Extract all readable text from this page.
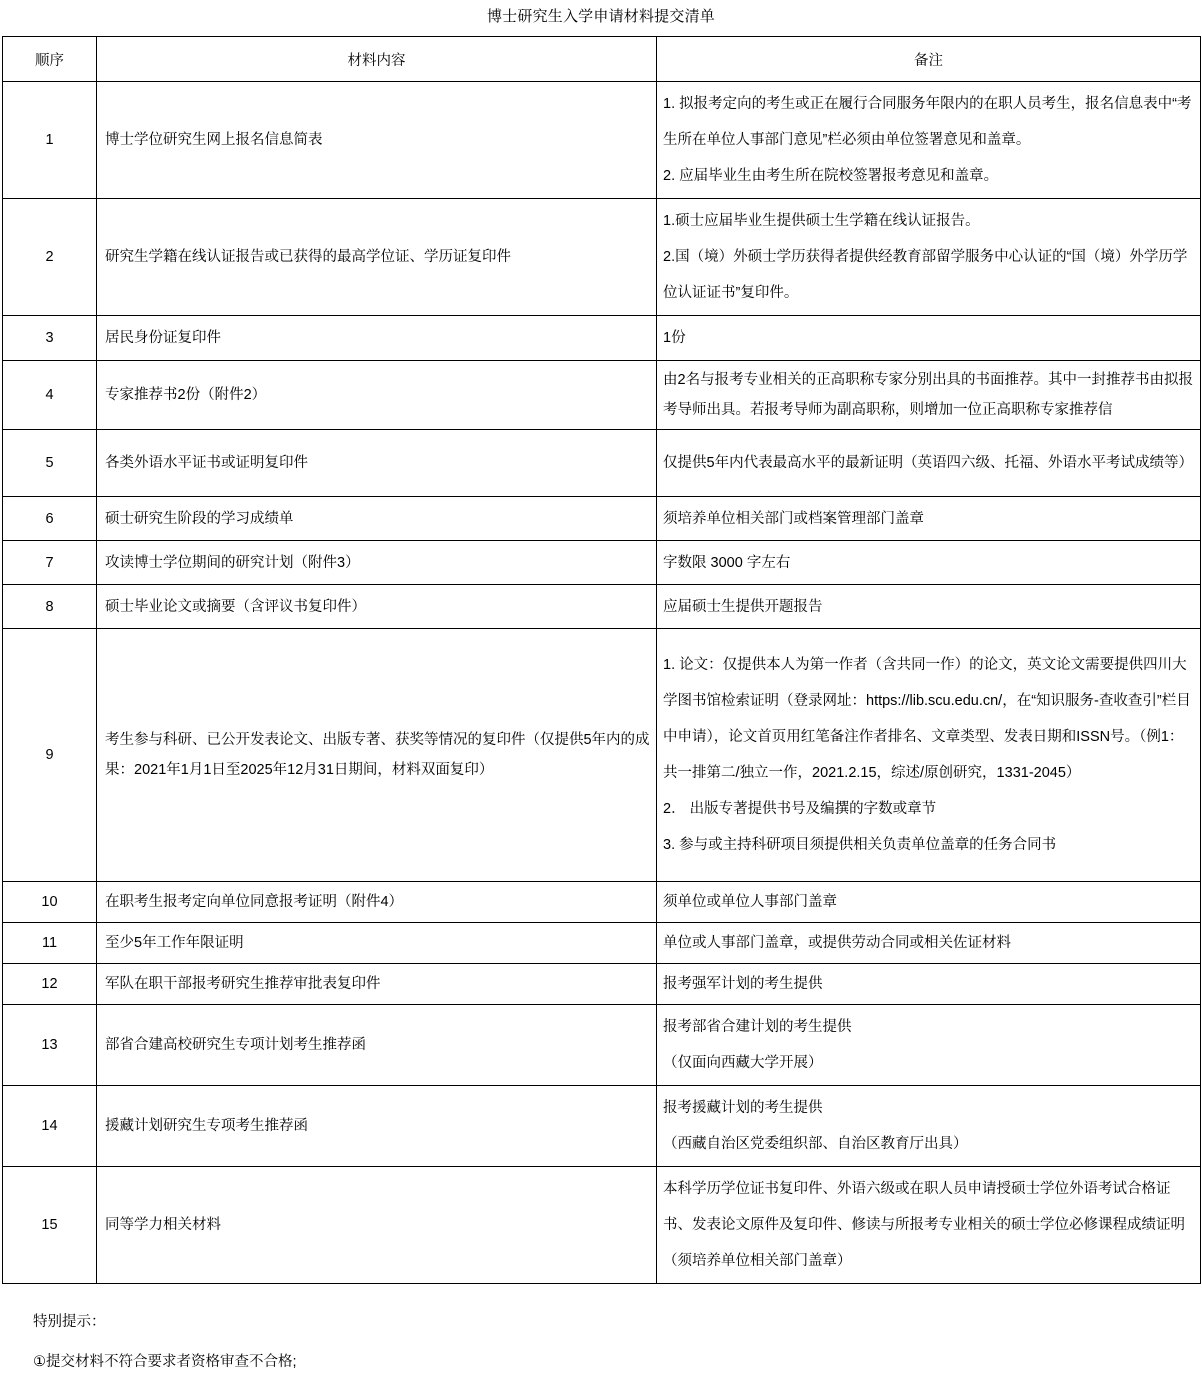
博士研究生入学申请材料提交清单
顺序	材料内容	备注
1	博士学位研究生网上报名信息简表	1. 拟报考定向的考生或正在履行合同服务年限内的在职人员考生，报名信息表中“考生所在单位人事部门意见”栏必须由单位签署意见和盖章。
2. 应届毕业生由考生所在院校签署报考意见和盖章。

2	研究生学籍在线认证报告或已获得的最高学位证、学历证复印件	1.硕士应届毕业生提供硕士生学籍在线认证报告。
2.国（境）外硕士学历获得者提供经教育部留学服务中心认证的“国（境）外学历学位认证证书”复印件。

3	居民身份证复印件	1份

4	专家推荐书2份（附件2）	由2名与报考专业相关的正高职称专家分别出具的书面推荐。其中一封推荐书由拟报考导师出具。若报考导师为副高职称，则增加一位正高职称专家推荐信

5	各类外语水平证书或证明复印件	仅提供5年内代表最高水平的最新证明（英语四六级、托福、外语水平考试成绩等）

6	硕士研究生阶段的学习成绩单	须培养单位相关部门或档案管理部门盖章

7	攻读博士学位期间的研究计划（附件3）	字数限 3000 字左右

8	硕士毕业论文或摘要（含评议书复印件）	应届硕士生提供开题报告

9	考生参与科研、已公开发表论文、出版专著、获奖等情况的复印件（仅提供5年内的成果：2021年1月1日至2025年12月31日期间，材料双面复印）	1. 论文：仅提供本人为第一作者（含共同一作）的论文，英文论文需要提供四川大学图书馆检索证明（登录网址：https://lib.scu.edu.cn/，在“知识服务-查收查引”栏目中申请），论文首页用红笔备注作者排名、文章类型、发表日期和ISSN号。（例1：共一排第二/独立一作，2021.2.15，综述/原创研究，1331-2045）
2． 出版专著提供书号及编撰的字数或章节
3. 参与或主持科研项目须提供相关负责单位盖章的任务合同书

10	在职考生报考定向单位同意报考证明（附件4）	须单位或单位人事部门盖章

11	至少5年工作年限证明	单位或人事部门盖章，或提供劳动合同或相关佐证材料

12	军队在职干部报考研究生推荐审批表复印件	报考强军计划的考生提供

13	部省合建高校研究生专项计划考生推荐函	报考部省合建计划的考生提供
（仅面向西藏大学开展）

14	援藏计划研究生专项考生推荐函	报考援藏计划的考生提供
（西藏自治区党委组织部、自治区教育厅出具）

15	同等学力相关材料	本科学历学位证书复印件、外语六级或在职人员申请授硕士学位外语考试合格证书、发表论文原件及复印件、修读与所报考专业相关的硕士学位必修课程成绩证明（须培养单位相关部门盖章）
特别提示：
①提交材料不符合要求者资格审查不合格;
